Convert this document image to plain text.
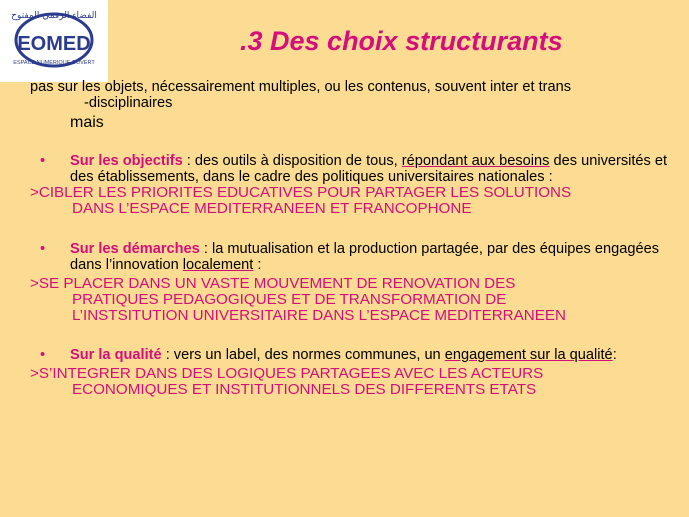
الفضاء الرقمي المفتوح
EOMED
ESPACE NUMERIQUE OUVERT
.3 Des choix structurants

pas sur les objets, nécessairement multiples, ou les contenus, souvent inter et trans

-disciplinaires

mais

• Sur les objectifs : des outils à disposition de tous, répondant aux besoins des universités et des établissements, dans le cadre des politiques universitaires nationales :
>CIBLER LES PRIORITES EDUCATIVES POUR PARTAGER LES SOLUTIONS
DANS L’ESPACE MEDITERRANEEN ET FRANCOPHONE
• Sur les démarches : la mutualisation et la production partagée, par des équipes engagées dans l’innovation localement :
>SE PLACER DANS UN VASTE MOUVEMENT DE RENOVATION DES
PRATIQUES PEDAGOGIQUES ET DE TRANSFORMATION DE
L’INSTSITUTION UNIVERSITAIRE DANS L’ESPACE MEDITERRANEEN
• Sur la qualité : vers un label, des normes communes, un engagement sur la qualité:
>S’INTEGRER DANS DES LOGIQUES PARTAGEES AVEC LES ACTEURS
ECONOMIQUES ET INSTITUTIONNELS DES DIFFERENTS ETATS
